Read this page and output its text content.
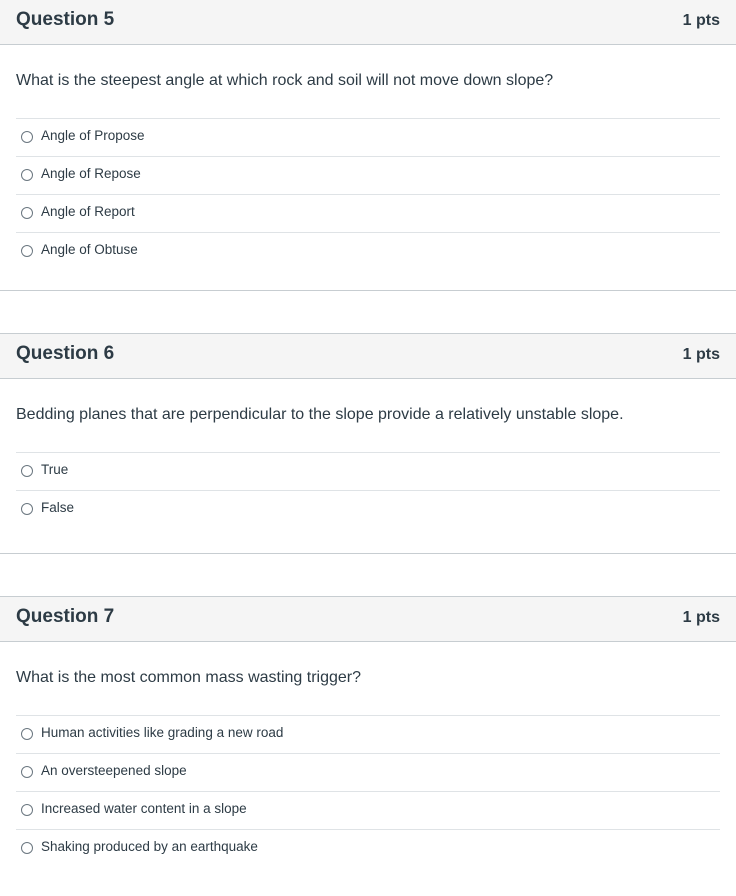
Question 5	1 pts
What is the steepest angle at which rock and soil will not move down slope?
Angle of Propose
Angle of Repose
Angle of Report
Angle of Obtuse
Question 6	1 pts
Bedding planes that are perpendicular to the slope provide a relatively unstable slope.
True
False
Question 7	1 pts
What is the most common mass wasting trigger?
Human activities like grading a new road
An oversteepened slope
Increased water content in a slope
Shaking produced by an earthquake
